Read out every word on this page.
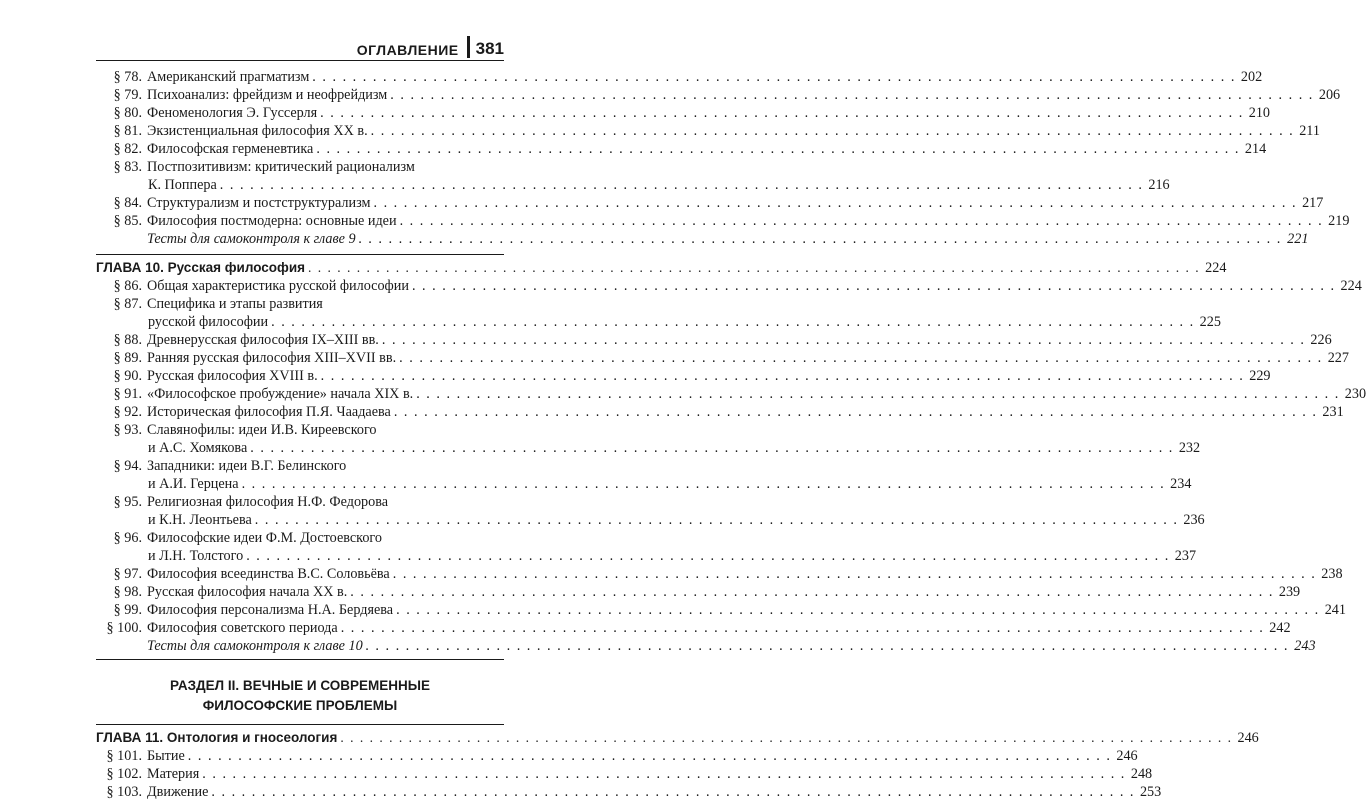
ОГЛАВЛЕНИЕ	381
§ 78. Американский прагматизм . . .	202
§ 79. Психоанализ: фрейдизм и неофрейдизм . . .	206
§ 80. Феноменология Э. Гуссерля . . .	210
§ 81. Экзистенциальная философия XX в. . . .	211
§ 82. Философская герменевтика . . .	214
§ 83. Постпозитивизм: критический рационализм
К. Поппера . . .	216
§ 84. Структурализм и постструктурализм . . .	217
§ 85. Философия постмодерна: основные идеи . . .	219
Тесты для самоконтроля к главе 9 . . .	221
ГЛАВА 10. Русская философия . . .	224
§ 86. Общая характеристика русской философии . . .	224
§ 87. Специфика и этапы развития
русской философии . . .	225
§ 88. Древнерусская философия IX–XIII вв. . . .	226
§ 89. Ранняя русская философия XIII–XVII вв. . . .	227
§ 90. Русская философия XVIII в. . . .	229
§ 91. «Философское пробуждение» начала XIX в. . . .	230
§ 92. Историческая философия П.Я. Чаадаева . . .	231
§ 93. Славянофилы: идеи И.В. Киреевского
и А.С. Хомякова . . .	232
§ 94. Западники: идеи В.Г. Белинского
и А.И. Герцена . . .	234
§ 95. Религиозная философия Н.Ф. Федорова
и К.Н. Леонтьева . . .	236
§ 96. Философские идеи Ф.М. Достоевского
и Л.Н. Толстого . . .	237
§ 97. Философия всеединства В.С. Соловьёва . . .	238
§ 98. Русская философия начала XX в. . . .	239
§ 99. Философия персонализма Н.А. Бердяева . . .	241
§ 100. Философия советского периода . . .	242
Тесты для самоконтроля к главе 10 . . .	243
РАЗДЕЛ II. ВЕЧНЫЕ И СОВРЕМЕННЫЕ
ФИЛОСОФСКИЕ ПРОБЛЕМЫ
ГЛАВА 11. Онтология и гносеология . . .	246
§ 101. Бытие . . .	246
§ 102. Материя . . .	248
§ 103. Движение . . .	253
